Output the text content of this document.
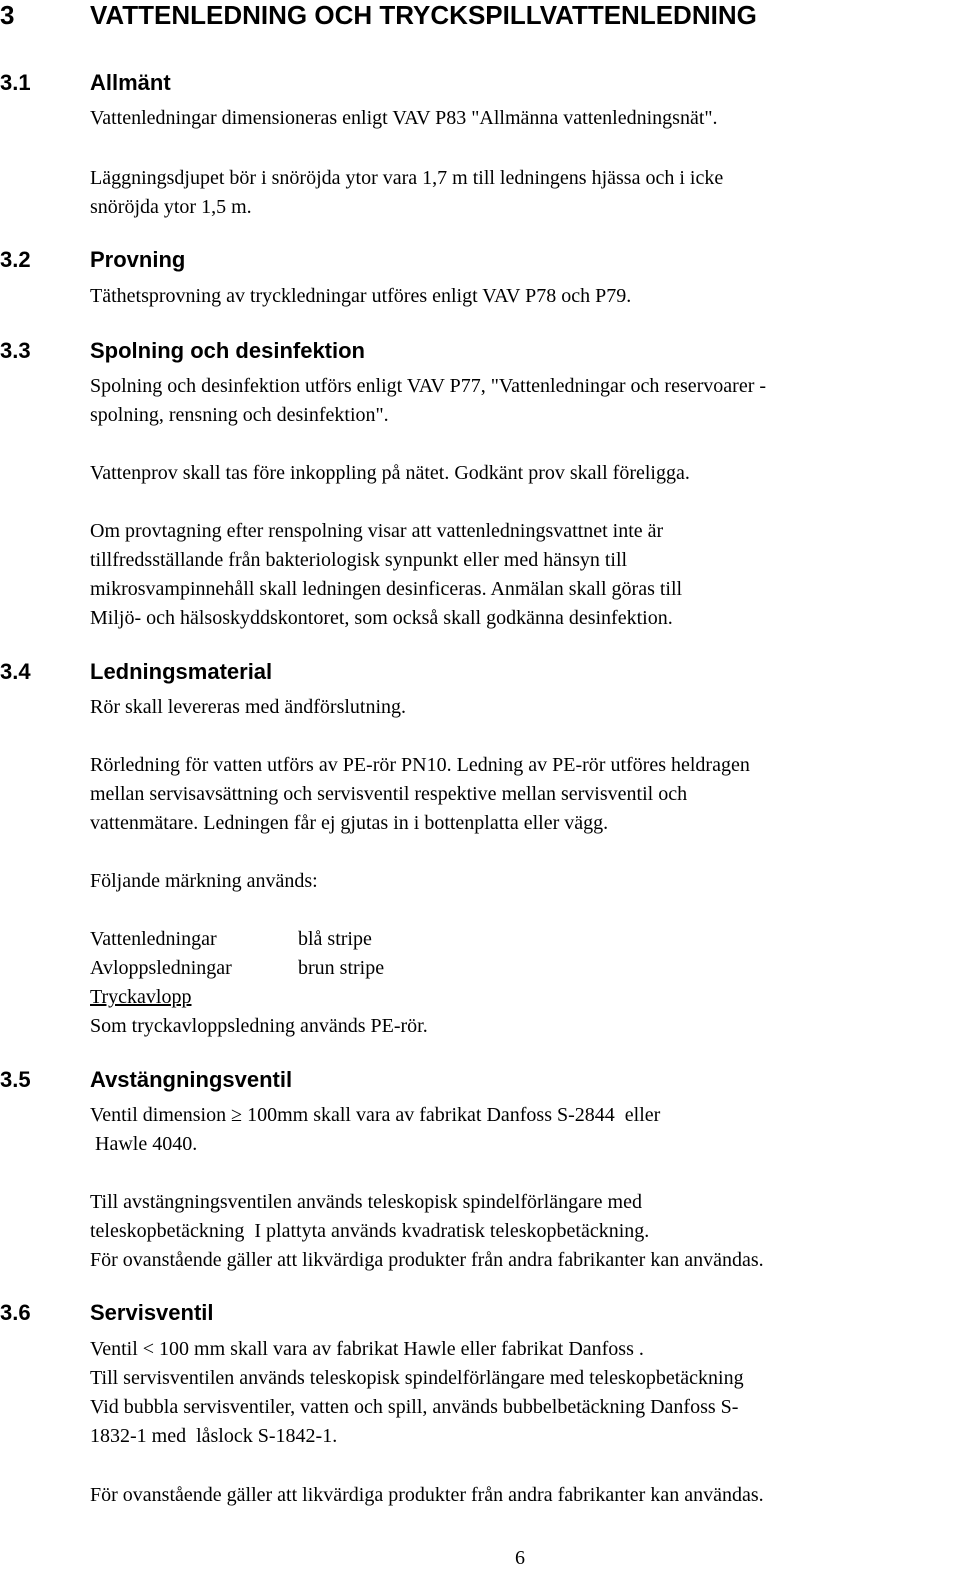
3	VATTENLEDNING OCH TRYCKSPILLVATTENLEDNING
3.1	Allmänt
Vattenledningar dimensioneras enligt VAV P83 "Allmänna vattenledningsnät".
Läggningsdjupet bör i snöröjda ytor vara 1,7 m till ledningens hjässa och i icke
snöröjda ytor 1,5 m.
3.2	Provning
Täthetsprovning av tryckledningar utföres enligt VAV P78 och P79.
3.3	Spolning och desinfektion
Spolning och desinfektion utförs enligt VAV P77, "Vattenledningar och reservoarer -
spolning, rensning och desinfektion".
Vattenprov skall tas före inkoppling på nätet. Godkänt prov skall föreligga.
Om provtagning efter renspolning visar att vattenledningsvattnet inte är
tillfredsställande från bakteriologisk synpunkt eller med hänsyn till
mikrosvampinnehåll skall ledningen desinficeras. Anmälan skall göras till
Miljö- och hälsoskyddskontoret, som också skall godkänna desinfektion.
3.4	Ledningsmaterial
Rör skall levereras med ändförslutning.
Rörledning för vatten utförs av PE-rör PN10. Ledning av PE-rör utföres heldragen
mellan servisavsättning och servisventil respektive mellan servisventil och
vattenmätare. Ledningen får ej gjutas in i bottenplatta eller vägg.
Följande märkning används:
Vattenledningar	blå stripe
Avloppsledningar	brun stripe
Tryckavlopp
Som tryckavloppsledning används PE-rör.
3.5	Avstängningsventil
Ventil dimension ≥ 100mm skall vara av fabrikat Danfoss S-2844  eller
Hawle 4040.
Till avstängningsventilen används teleskopisk spindelförlängare med
teleskopbetäckning  I plattyta används kvadratisk teleskopbetäckning.
För ovanstående gäller att likvärdiga produkter från andra fabrikanter kan användas.
3.6	Servisventil
Ventil < 100 mm skall vara av fabrikat Hawle eller fabrikat Danfoss .
Till servisventilen används teleskopisk spindelförlängare med teleskopbetäckning
Vid bubbla servisventiler, vatten och spill, används bubbelbetäckning Danfoss S-
1832-1 med  låslock S-1842-1.
För ovanstående gäller att likvärdiga produkter från andra fabrikanter kan användas.
6
